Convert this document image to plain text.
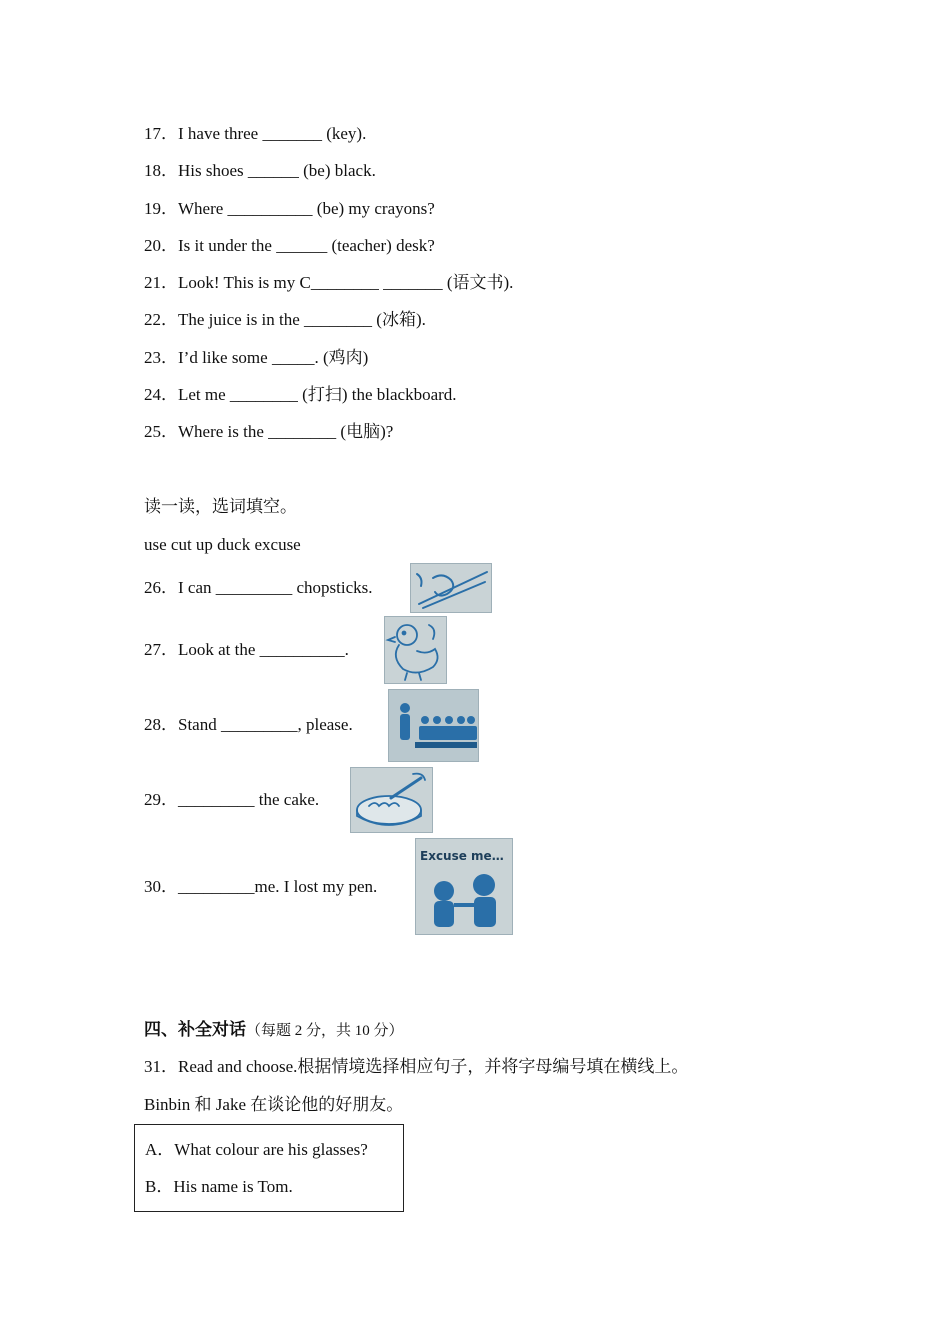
17．I have three _______ (key).
18．His shoes ______ (be) black.
19．Where __________ (be) my crayons?
20．Is it under the ______ (teacher) desk?
21．Look! This is my C________ _______ (语文书).
22．The juice is in the ________ (冰箱).
23．I’d like some _____. (鸡肉)
24．Let me ________ (打扫) the blackboard.
25．Where is the ________ (电脑)?
读一读，选词填空。
use cut up duck excuse
26．I can _________ chopsticks.
27．Look at the __________.
28．Stand _________, please.
29．_________ the cake.
30．_________me. I lost my pen.
Excuse me…
四、补全对话（每题 2 分，共 10 分）
31．Read and choose.根据情境选择相应句子，并将字母编号填在横线上。
Binbin 和 Jake 在谈论他的好朋友。
A．What colour are his glasses?
B．His name is Tom.
